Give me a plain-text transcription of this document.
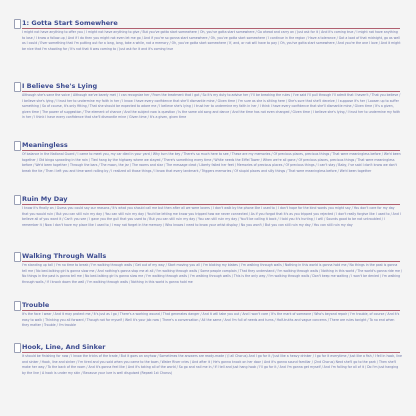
1: Gotta Start Somewhere
I might not have anything to offer you / I might not have anything to give / But you've gotta start somewhere / Oh, you've gotta start somewhere / Go ahead and carry on / Just ask for it / And it's coming true / I might not have anything to lose / I know a follow-up / And if I do then you might not even let me go / And if you're so gonna start somewhere / Oh, you've gotta start somewhere / I continue in the region / Have a tolerance / Got a load of that midnight, go as well as I could / Ever something that I'm putting out for a long, long, take a while, not a memory / Oh, you've gotta start somewhere / If, and, or not will have to pay / Oh, you've gotta start somewhere / And you're the one I love / And it might be nice that I'm shooting for / It's not that it was coming to / Just ask for it and it's coming true
I Believe She's Lying
Although she's sane the voice / Although we've barely met / I can recognize her / From the treatment that I got / So it's my duty to advise her / I'll be breaking the rules / I've said I'll pull through I'll admit that I haven't / That you believe / I believe she's lying / I trust her to undermine my faith in her / I know I have every confidence that she'll dismantle mine / Given time / I'm sure as she is sitting here / She's sure that she'll deceive / I suppose it's her / Loosen up to suffer something / So of course, it's only fitting / That she should be expected to adore me / I believe she's lying / I trust her to undermine my faith in her / I think I have every confidence that she'll dismantle mine / Given time / It's a given, given time / The power of suggestion / The element of chance / And the subject now is question / Is the same old song and dance / And the time has not even changed / Given time / I believe she's lying / I trust her to undermine my faith in her / I think I have every confidence that she'll dismantle mine / Given time / It's a given, given time
Meaningless
Of balance in the National Guard / I came to meet you, my car died in your yard / Why turn the key / There's so much here to see / These are my memories / Of precious places, precious things / That were meaningless before / We'd been together / Old bingo sprawling in the rain / Tied hang by the highway where we stayed / There's something every time / White needs the Eiffel Tower / When we're all gone / Of precious places, precious things / That were meaningless before / We'd been together / Through the bars / The moon, the jar / The rooms and star / The message cleat / Liberty failed her feet / Memories of precious places / Of precious things / I can't stay / Baby, I've said I don't know we don't break the tie / Then I left you and time went rolling by / I realized all those things / I know that every landmark / Triggers memories / Of stupid places and silly things / That were meaningless before / We'd been together
Ruin My Day
I know it's finally on / Guess you could say our reasons / It's what you should call me but then after all we were lovers / I don't walk by the phone like I used to / I don't hope for the kind words you might say / You don't care for my day that you would ruin / But you can still ruin my day / You can still ruin my day / You'd be letting me know you tripped how we never connected / As if you forgot that it's as you tripped you rejected / I don't really forgive like I used to / And I believe all of you want it / Can't you see / I gave you the gull that you used to / But you can still ruin my day / You can still ruin my day / You'll be calling it back / I told you it's hurting / I will / Sounds good to be not untroubled / I remember it / Now I don't have my place like I used to / I may not forget in the memory / Who knows I need to know your artist display / No you won't / But you can still ruin my day / You can still ruin my day
Walking Through Walls
I'm standing up tall / I'm no time to break / I'm walking through walls / Get out of my way / Start moving you all / I'm blaking my blakes / I'm walking through walls / Nothing in this world is gonna hold me / No things in the past is gonna tell me / No bed-talking girl is gonna slow me / And nothing's gonna stop me at all / I'm walking through walls / Some people complain / That they understand / I'm walking through walls / Nothing in this world / The world's gonna ride me / No things in the past is gonna tell me / No bed-talking girl is gonna slow me / I'm walking through walls / I'm walking through walls / This is the only way / I'm walking through walls / Don't keep me waiting / I won't be denied / I'm walking through walls / If I knock down the wall / I'm walking through walls / Nothing in this world is gonna hold me
Trouble
It's the face I wear / And it may protect me / It's just as I go / There's a working wound / That generates danger / And it will take you out / And I won't care / It's the mark of someone / Who's beyond repair / I'm trouble, of course / And it's easy to walk / Thinking you all forward / Though not for myself / Well it's your job now / There's a conversation / All the same / And I'm full of needs and turns / Half-truths and vague concerns / There are rules tonight / To no end when they matter / Trouble / I'm trouble
Hook, Line, And Sinker
It should be finishing for now / I know the tricks of the trade / But it goes on anyhow / Sometimes the answers are ready-made / (I all Chorus) And I go for it / Just like a heavy drinker / I go for it everytime / Just like a fish / I fell in hook, line and sinker / Hook, line and sinker / I'm tired and you said when you came to the town / Water River cries / And after it / He's gonna knock on her door / And it's gonna sound familiar / (2nd Chorus) Next she'll go to the park / Then she'll make her way / To the back of the room / And it's gonna feel like / And it's taking all of the world / So go and nail me in / If I tell and just hang hook / I'll go for it / And I'm gonna get myself / And I'm falling for all of it / Do I'm just hanging by the line / A hook is under my skin / Because your lure is well disguised (Repeat 1st Chorus)
